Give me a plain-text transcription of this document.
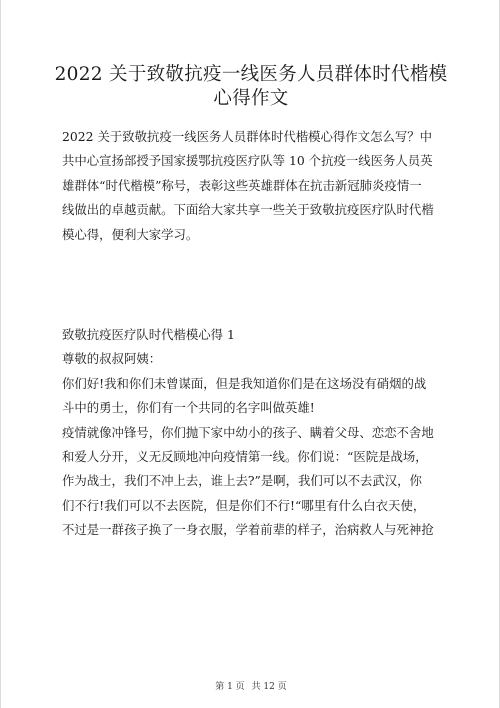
2022 关于致敬抗疫一线医务人员群体时代楷模
心得作文
2022 关于致敬抗疫一线医务人员群体时代楷模心得作文怎么写？中
共中心宣扬部授予国家援鄂抗疫医疗队等 10 个抗疫一线医务人员英
雄群体“时代楷模”称号，表彰这些英雄群体在抗击新冠肺炎疫情一
线做出的卓越贡献。下面给大家共享一些关于致敬抗疫医疗队时代楷
模心得，便利大家学习。
致敬抗疫医疗队时代楷模心得 1
尊敬的叔叔阿姨：
你们好!我和你们未曾谋面，但是我知道你们是在这场没有硝烟的战
斗中的勇士，你们有一个共同的名字叫做英雄!
疫情就像冲锋号，你们抛下家中幼小的孩子、瞒着父母、恋恋不舍地
和爱人分开，义无反顾地冲向疫情第一线。你们说：“医院是战场，
作为战士，我们不冲上去，谁上去?”是啊，我们可以不去武汉，你
们不行!我们可以不去医院，但是你们不行!“哪里有什么白衣天使，
不过是一群孩子换了一身衣服，学着前辈的样子，治病救人与死神抢
第 1 页 共 12 页
